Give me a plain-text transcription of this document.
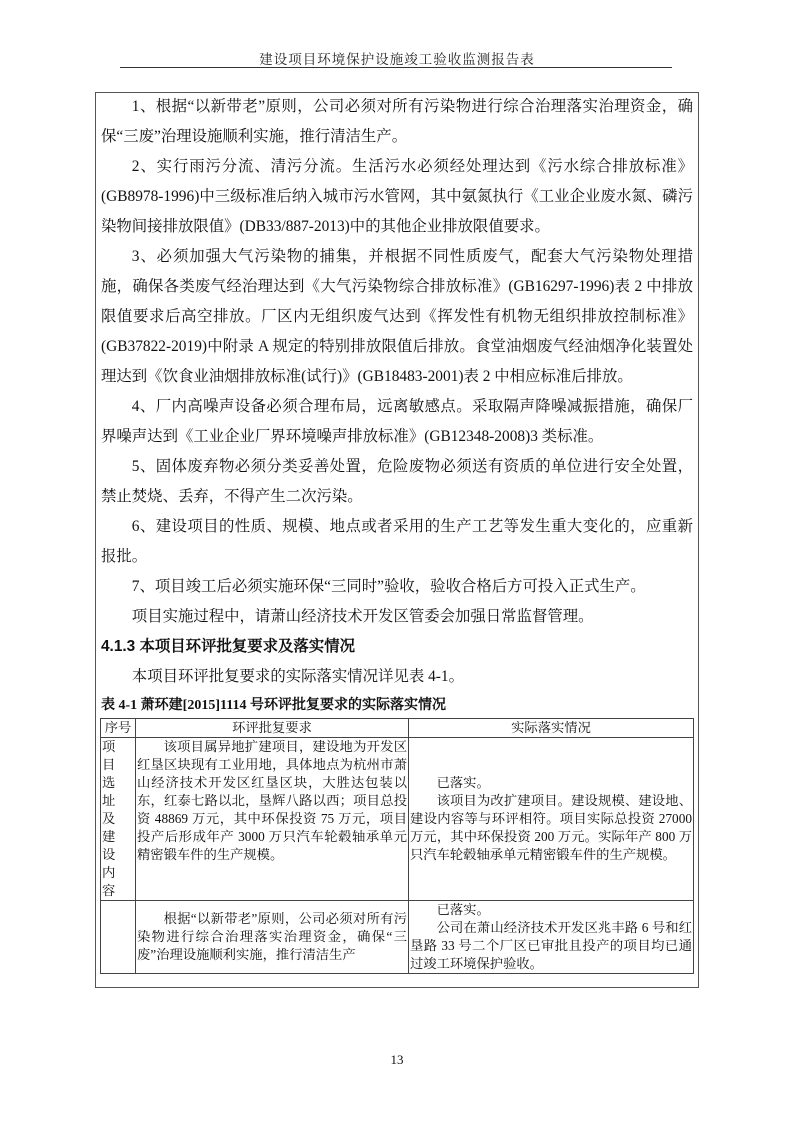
建设项目环境保护设施竣工验收监测报告表

1、根据“以新带老”原则，公司必须对所有污染物进行综合治理落实治理资金，确保“三废”治理设施顺利实施，推行清洁生产。

2、实行雨污分流、清污分流。生活污水必须经处理达到《污水综合排放标准》(GB8978-1996)中三级标准后纳入城市污水管网，其中氨氮执行《工业企业废水氮、磷污染物间接排放限值》(DB33/887-2013)中的其他企业排放限值要求。

3、必须加强大气污染物的捕集，并根据不同性质废气，配套大气污染物处理措施，确保各类废气经治理达到《大气污染物综合排放标准》(GB16297-1996)表 2 中排放限值要求后高空排放。厂区内无组织废气达到《挥发性有机物无组织排放控制标准》(GB37822-2019)中附录 A 规定的特别排放限值后排放。食堂油烟废气经油烟净化装置处理达到《饮食业油烟排放标准(试行)》(GB18483-2001)表 2 中相应标准后排放。

4、厂内高噪声设备必须合理布局，远离敏感点。采取隔声降噪减振措施，确保厂界噪声达到《工业企业厂界环境噪声排放标准》(GB12348-2008)3 类标准。

5、固体废弃物必须分类妥善处置，危险废物必须送有资质的单位进行安全处置，禁止焚烧、丢弃，不得产生二次污染。

6、建设项目的性质、规模、地点或者采用的生产工艺等发生重大变化的，应重新报批。

7、项目竣工后必须实施环保“三同时”验收，验收合格后方可投入正式生产。

项目实施过程中，请萧山经济技术开发区管委会加强日常监督管理。

4.1.3 本项目环评批复要求及落实情况

本项目环评批复要求的实际落实情况详见表 4-1。

表 4-1 萧环建[2015]1114 号环评批复要求的实际落实情况

序号	环评批复要求	实际落实情况
项目选址及建设内容	该项目属异地扩建项目，建设地为开发区红垦区块现有工业用地，具体地点为杭州市萧山经济技术开发区红垦区块，大胜达包装以东，红泰七路以北，垦辉八路以西；项目总投资 48869 万元，其中环保投资 75 万元，项目投产后形成年产 3000 万只汽车轮毂轴承单元精密锻车件的生产规模。	已落实。

该项目为改扩建项目。建设规模、建设地、建设内容等与环评相符。项目实际总投资 27000 万元，其中环保投资 200 万元。实际年产 800 万只汽车轮毂轴承单元精密锻车件的生产规模。

	根据“以新带老”原则，公司必须对所有污染物进行综合治理落实治理资金，确保“三废”治理设施顺利实施，推行清洁生产	已落实。

公司在萧山经济技术开发区兆丰路 6 号和红垦路 33 号二个厂区已审批且投产的项目均已通过竣工环境保护验收。

13
